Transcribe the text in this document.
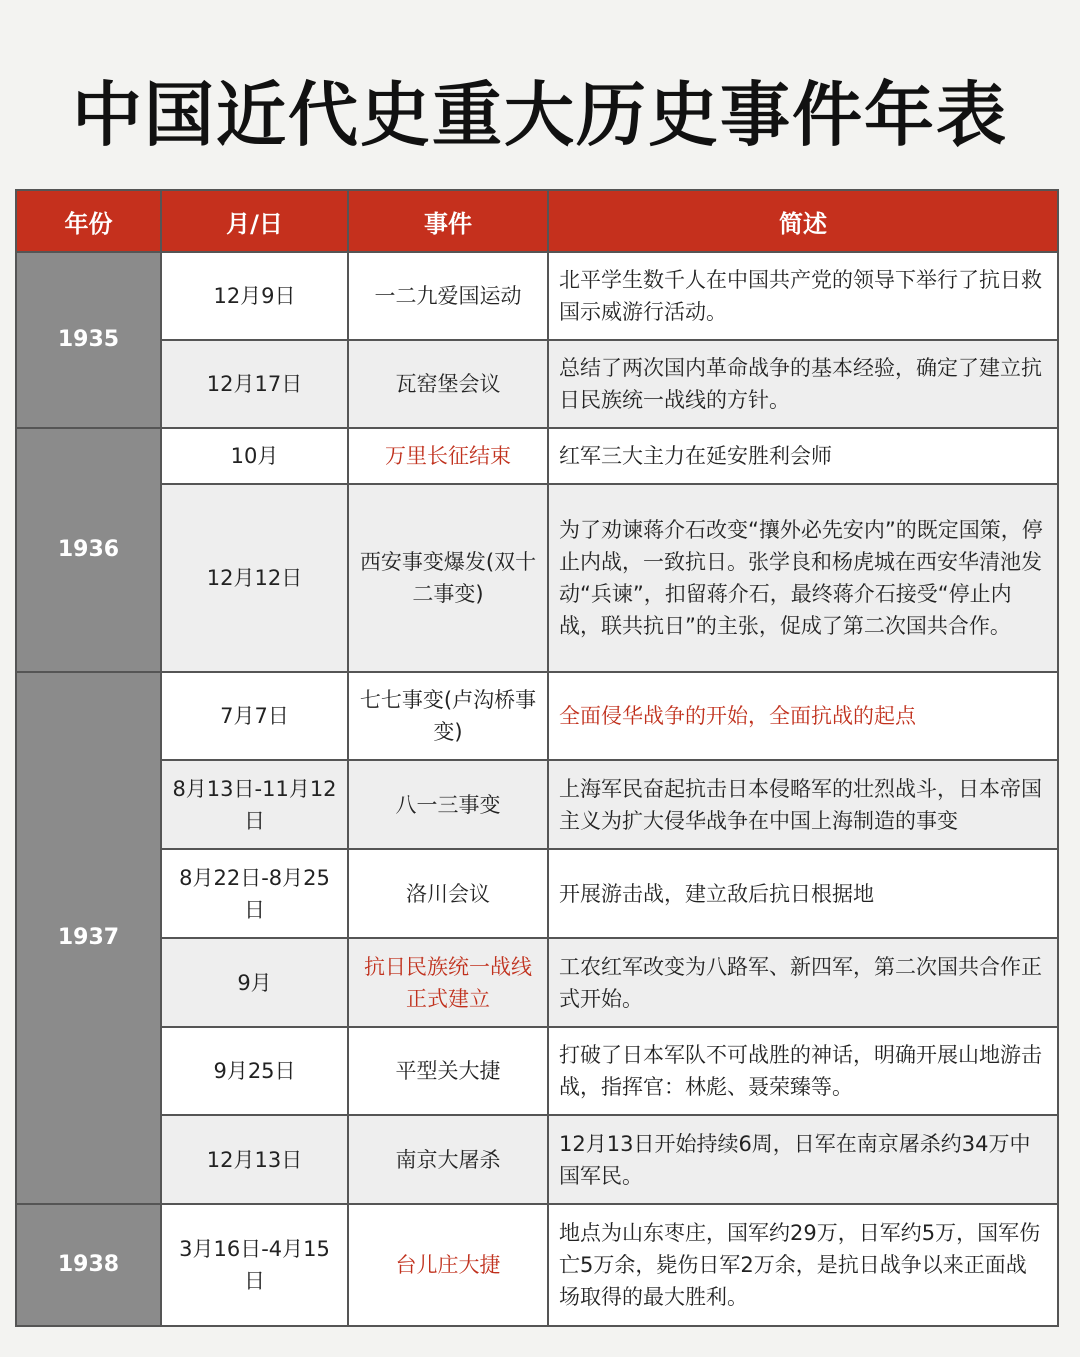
中国近代史重大历史事件年表
年份	月/日	事件	简述
1935	12月9日	一二九爱国运动	北平学生数千人在中国共产党的领导下举行了抗日救国示威游行活动。
	12月17日	瓦窑堡会议	总结了两次国内革命战争的基本经验，确定了建立抗日民族统一战线的方针。
1936	10月	万里长征结束	红军三大主力在延安胜利会师
	12月12日	西安事变爆发(双十二事变)	为了劝谏蒋介石改变“攘外必先安内”的既定国策，停止内战，一致抗日。张学良和杨虎城在西安华清池发动“兵谏”，扣留蒋介石，最终蒋介石接受“停止内战，联共抗日”的主张，促成了第二次国共合作。
1937	7月7日	七七事变(卢沟桥事变)	全面侵华战争的开始，全面抗战的起点
	8月13日-11月12日	八一三事变	上海军民奋起抗击日本侵略军的壮烈战斗，日本帝国主义为扩大侵华战争在中国上海制造的事变
	8月22日-8月25日	洛川会议	开展游击战，建立敌后抗日根据地
	9月	抗日民族统一战线正式建立	工农红军改变为八路军、新四军，第二次国共合作正式开始。
	9月25日	平型关大捷	打破了日本军队不可战胜的神话，明确开展山地游击战，指挥官：林彪、聂荣臻等。
	12月13日	南京大屠杀	12月13日开始持续6周，日军在南京屠杀约34万中国军民。
1938	3月16日-4月15日	台儿庄大捷	地点为山东枣庄，国军约29万，日军约5万，国军伤亡5万余，毙伤日军2万余，是抗日战争以来正面战场取得的最大胜利。
